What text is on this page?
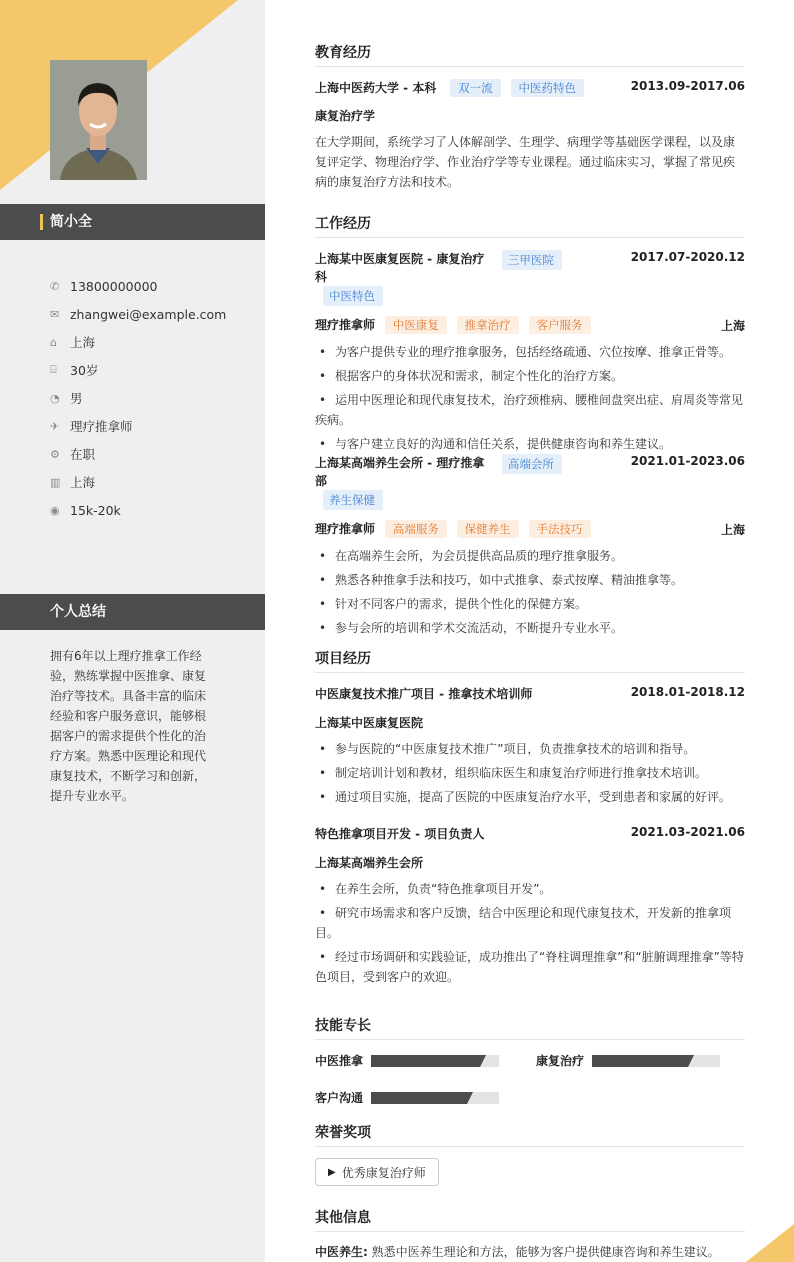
简小全
✆ 13800000000
✉ zhangwei@example.com
⌂	上海
⌸	30岁
◔ 男
✈ 理疗推拿师
⚙ 在职
▥ 上海
◉ 15k-20k
个人总结
拥有6年以上理疗推拿工作经验，熟练掌握中医推拿、康复治疗等技术。具备丰富的临床经验和客户服务意识，能够根据客户的需求提供个性化的治疗方案。熟悉中医理论和现代康复技术，不断学习和创新，提升专业水平。
教育经历
上海中医药大学 - 本科 双一流 中医药特色	2013.09-2017.06
康复治疗学
在大学期间，系统学习了人体解剖学、生理学、病理学等基础医学课程，以及康复评定学、物理治疗学、作业治疗学等专业课程。通过临床实习，掌握了常见疾病的康复治疗方法和技术。
工作经历
上海某中医康复医院 - 康复治疗科 三甲医院 中医特色
2017.07-2020.12
理疗推拿师 中医康复 推拿治疗 客户服务	上海
• 为客户提供专业的理疗推拿服务，包括经络疏通、穴位按摩、推拿正骨等。
• 根据客户的身体状况和需求，制定个性化的治疗方案。
• 运用中医理论和现代康复技术，治疗颈椎病、腰椎间盘突出症、肩周炎等常见疾病。
• 与客户建立良好的沟通和信任关系，提供健康咨询和养生建议。
上海某高端养生会所 - 理疗推拿部 高端会所 养生保健
2021.01-2023.06
理疗推拿师 高端服务 保健养生 手法技巧	上海
• 在高端养生会所，为会员提供高品质的理疗推拿服务。
• 熟悉各种推拿手法和技巧，如中式推拿、泰式按摩、精油推拿等。
• 针对不同客户的需求，提供个性化的保健方案。
• 参与会所的培训和学术交流活动，不断提升专业水平。
项目经历
中医康复技术推广项目 - 推拿技术培训师	2018.01-2018.12
上海某中医康复医院
• 参与医院的“中医康复技术推广”项目，负责推拿技术的培训和指导。
• 制定培训计划和教材，组织临床医生和康复治疗师进行推拿技术培训。
• 通过项目实施，提高了医院的中医康复治疗水平，受到患者和家属的好评。
特色推拿项目开发 - 项目负责人	2021.03-2021.06
上海某高端养生会所
• 在养生会所，负责“特色推拿项目开发”。
• 研究市场需求和客户反馈，结合中医理论和现代康复技术，开发新的推拿项目。
• 经过市场调研和实践验证，成功推出了“脊柱调理推拿”和“脏腑调理推拿”等特色项目，受到客户的欢迎。
技能专长
中医推拿	康复治疗
客户沟通
荣誉奖项
▶ 优秀康复治疗师
其他信息
中医养生: 熟悉中医养生理论和方法，能够为客户提供健康咨询和养生建议。
